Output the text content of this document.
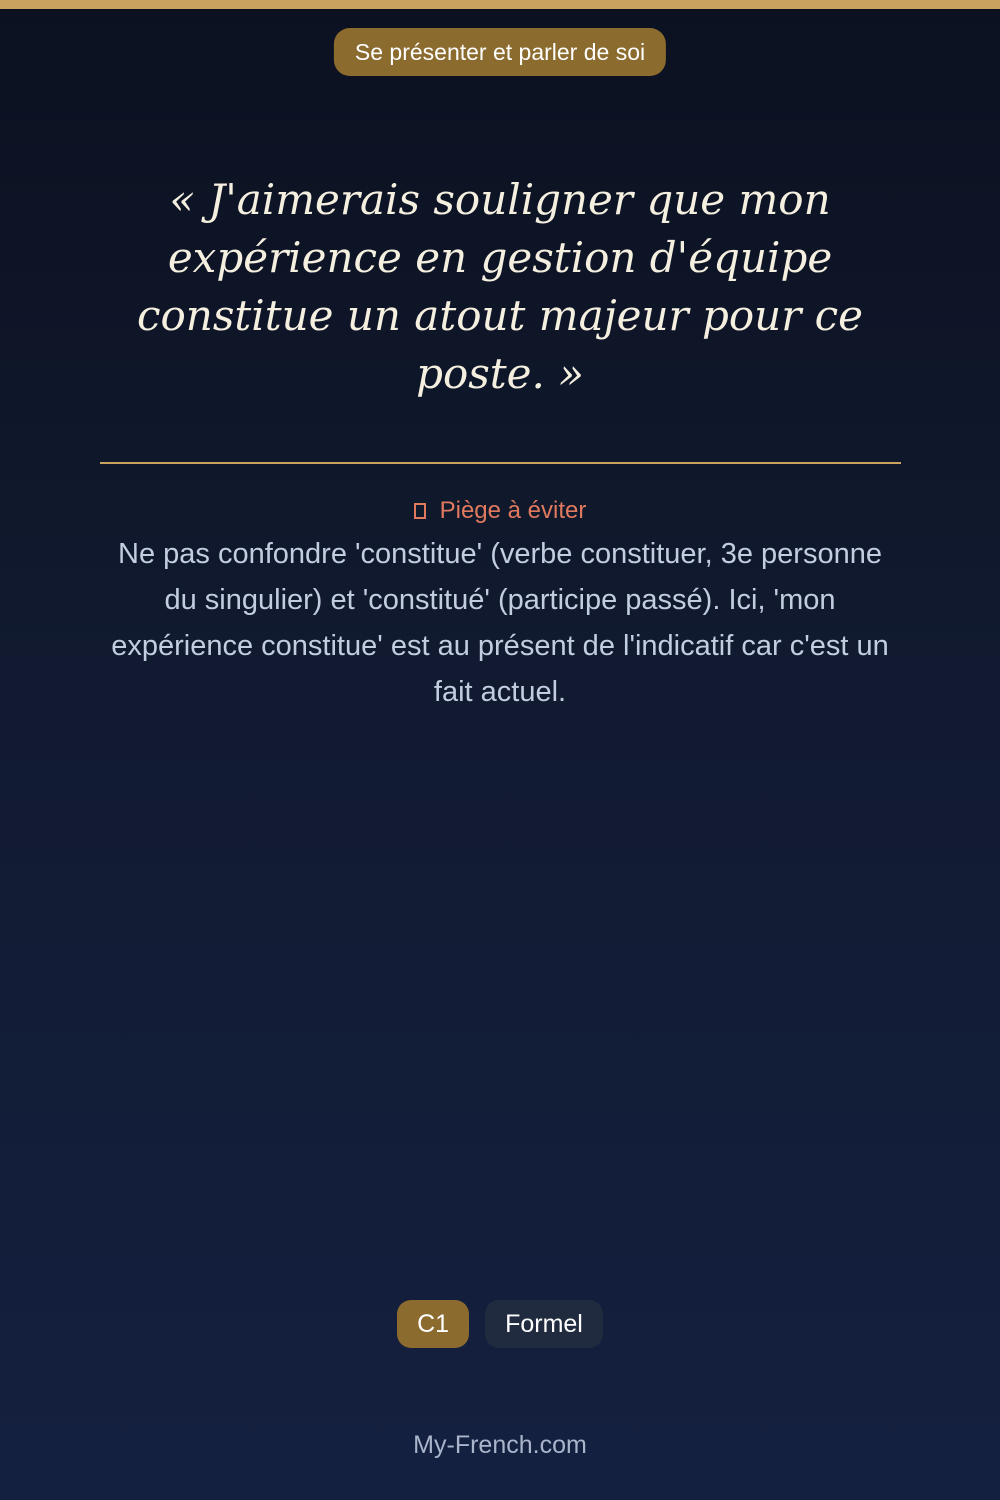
Se présenter et parler de soi

« J'aimerais souligner que mon expérience en gestion d'équipe constitue un atout majeur pour ce poste. »

Piège à éviter

Ne pas confondre 'constitue' (verbe constituer, 3e personne du singulier) et 'constitué' (participe passé). Ici, 'mon expérience constitue' est au présent de l'indicatif car c'est un fait actuel.

C1	Formel
My-French.com
